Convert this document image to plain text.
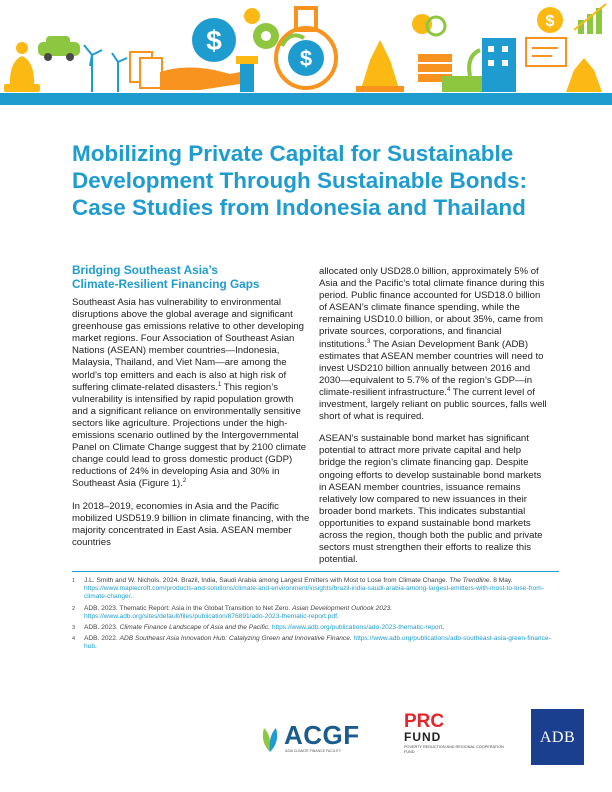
$
$
$
Mobilizing Private Capital for Sustainable Development Through Sustainable Bonds: Case Studies from Indonesia and Thailand
Bridging Southeast Asia’s
Climate-Resilient Financing Gaps

Southeast Asia has vulnerability to environmental disruptions above the global average and significant greenhouse gas emissions relative to other developing market regions. Four Association of Southeast Asian Nations (ASEAN) member countries—Indonesia, Malaysia, Thailand, and Viet Nam—are among the world’s top emitters and each is also at high risk of suffering climate-related disasters.$^1$ This region’s vulnerability is intensified by rapid population growth and a significant reliance on environmentally sensitive sectors like agriculture. Projections under the high-emissions scenario outlined by the Intergovernmental Panel on Climate Change suggest that by 2100 climate change could lead to gross domestic product (GDP) reductions of 24% in developing Asia and 30% in Southeast Asia (Figure 1).$^2$

In 2018–2019, economies in Asia and the Pacific mobilized USD519.9 billion in climate financing, with the majority concentrated in East Asia. ASEAN member countries

allocated only USD28.0 billion, approximately 5% of Asia and the Pacific’s total climate finance during this period. Public finance accounted for USD18.0 billion of ASEAN’s climate finance spending, while the remaining USD10.0 billion, or about 35%, came from private sources, corporations, and financial institutions.$^3$ The Asian Development Bank (ADB) estimates that ASEAN member countries will need to invest USD210 billion annually between 2016 and 2030—equivalent to 5.7% of the region’s GDP—in climate-resilient infrastructure.$^4$ The current level of investment, largely reliant on public sources, falls well short of what is required.

ASEAN’s sustainable bond market has significant potential to attract more private capital and help bridge the region’s climate financing gap. Despite ongoing efforts to develop sustainable bond markets in ASEAN member countries, issuance remains relatively low compared to new issuances in their broader bond markets. This indicates substantial opportunities to expand sustainable bond markets across the region, though both the public and private sectors must strengthen their efforts to realize this potential.

1	J.L. Smith and W. Nichols. 2024. Brazil, India, Saudi Arabia among Largest Emitters with Most to Lose from Climate Change. The Trendline. 8 May. https://www.maplecroft.com/products-and-solutions/climate-and-environment/insights/brazil-india-saudi-arabia-among-largest-emitters-with-most-to-lose-from-climate-change/.
2	ADB. 2023. Thematic Report: Asia in the Global Transition to Net Zero. Asian Development Outlook 2023. https://www.adb.org/sites/default/files/publication/876891/ado-2023-thematic-report.pdf.
3	ADB. 2023. Climate Finance Landscape of Asia and the Pacific. https://www.adb.org/publications/ado-2023-thematic-report.
4	ADB. 2022. ADB Southeast Asia Innovation Hub: Catalyzing Green and Innovative Finance. https://www.adb.org/publications/adb-southeast-asia-green-finance-hub.
ACGF
ASIA CLIMATE FINANCE FACILITY
PRC
FUND
POVERTY REDUCTION AND REGIONAL COOPERATION FUND
ADB
